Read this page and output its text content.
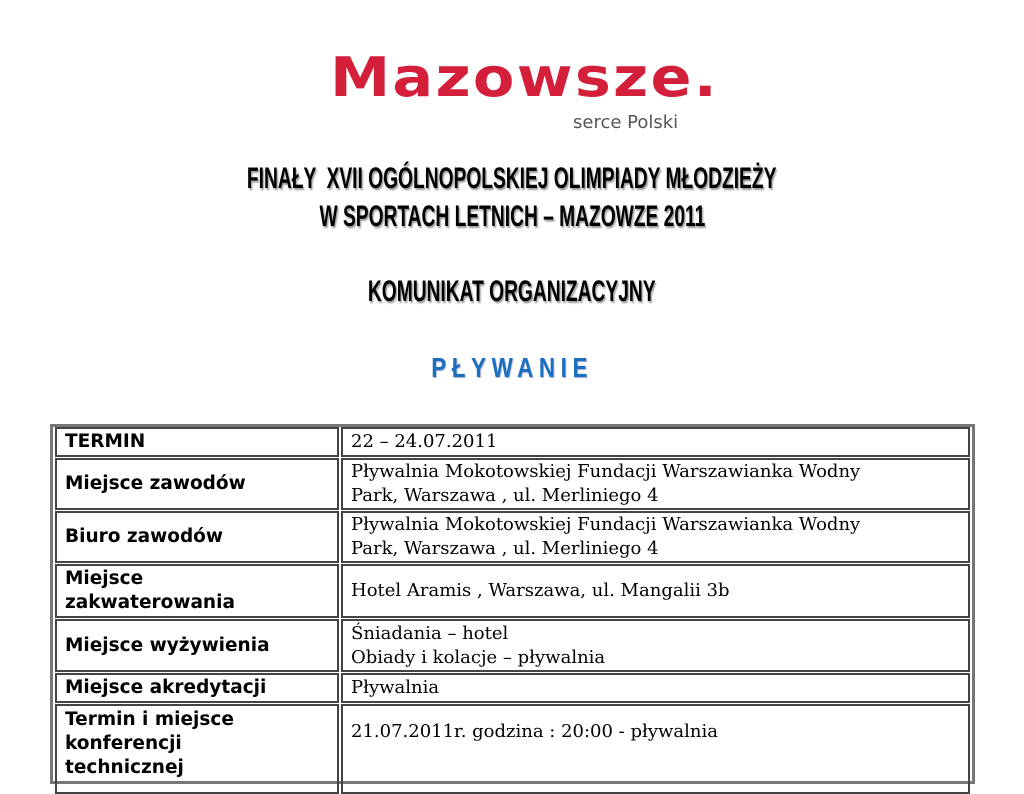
Mazowsze.
serce Polski
FINAŁY  XVII OGÓLNOPOLSKIEJ OLIMPIADY MŁODZIEŻY
W SPORTACH LETNICH – MAZOWZE 2011
KOMUNIKAT ORGANIZACYJNY
PŁYWANIE
TERMIN	22 – 24.07.2011
Miejsce zawodów
Pływalnia Mokotowskiej Fundacji Warszawianka Wodny
Park, Warszawa , ul. Merliniego 4
Biuro zawodów
Pływalnia Mokotowskiej Fundacji Warszawianka Wodny
Park, Warszawa , ul. Merliniego 4
Miejsce
zakwaterowania
Hotel Aramis , Warszawa, ul. Mangalii 3b
Miejsce wyżywienia
Śniadania – hotel
Obiady i kolacje – pływalnia
Miejsce akredytacji	Pływalnia
Termin i miejsce
konferencji
technicznej
21.07.2011r. godzina : 20:00 - pływalnia
